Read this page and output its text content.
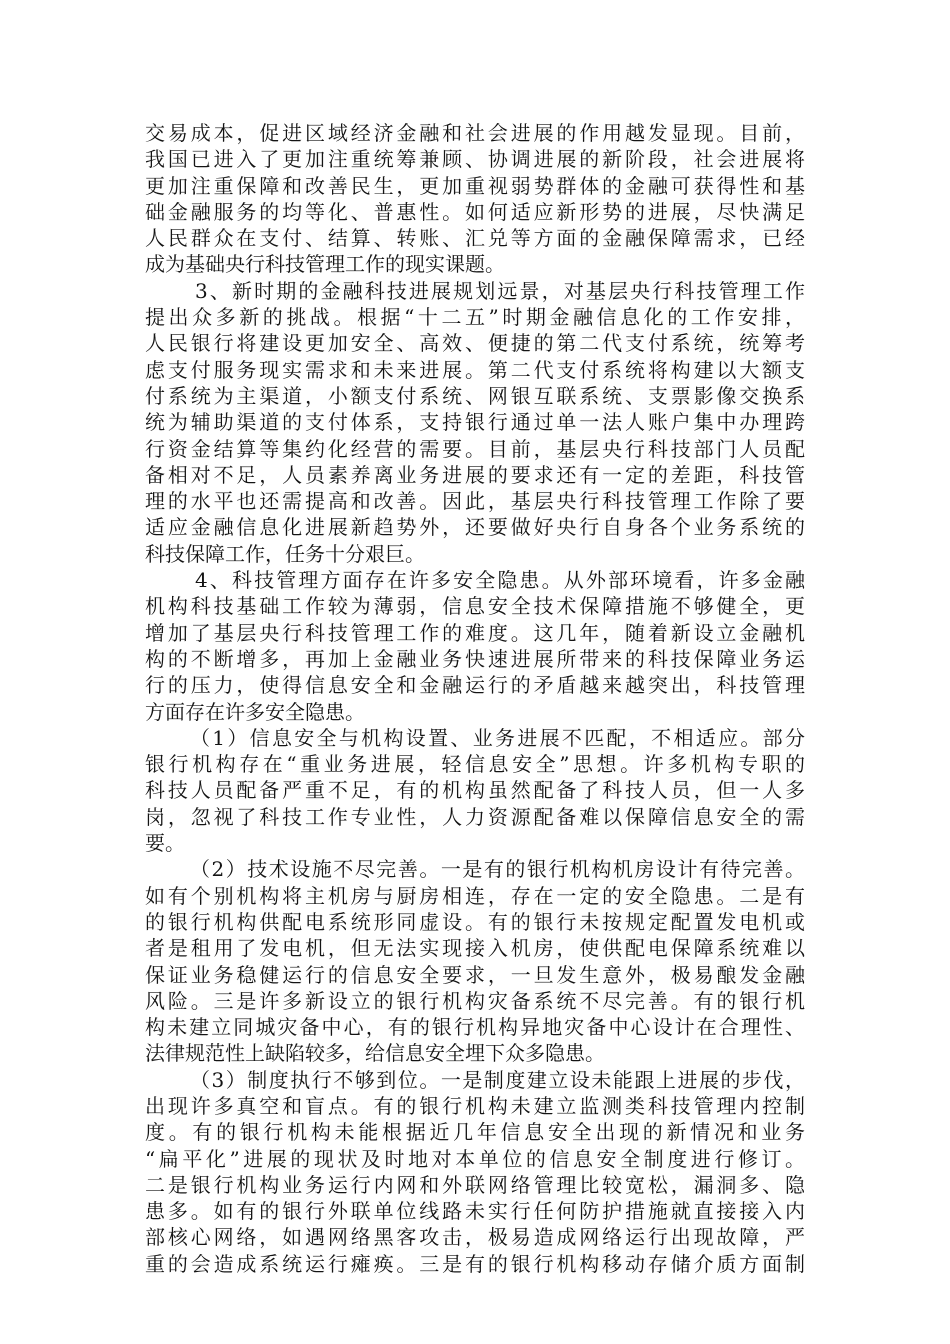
交易成本，促进区域经济金融和社会进展的作用越发显现。目前，
我国已进入了更加注重统筹兼顾、协调进展的新阶段，社会进展将
更加注重保障和改善民生，更加重视弱势群体的金融可获得性和基
础金融服务的均等化、普惠性。如何适应新形势的进展，尽快满足
人民群众在支付、结算、转账、汇兑等方面的金融保障需求，已经
成为基础央行科技管理工作的现实课题。
3、新时期的金融科技进展规划远景，对基层央行科技管理工作
提出众多新的挑战。根据“十二五”时期金融信息化的工作安排，
人民银行将建设更加安全、高效、便捷的第二代支付系统，统筹考
虑支付服务现实需求和未来进展。第二代支付系统将构建以大额支
付系统为主渠道，小额支付系统、网银互联系统、支票影像交换系
统为辅助渠道的支付体系，支持银行通过单一法人账户集中办理跨
行资金结算等集约化经营的需要。目前，基层央行科技部门人员配
备相对不足，人员素养离业务进展的要求还有一定的差距，科技管
理的水平也还需提高和改善。因此，基层央行科技管理工作除了要
适应金融信息化进展新趋势外，还要做好央行自身各个业务系统的
科技保障工作，任务十分艰巨。
4、科技管理方面存在许多安全隐患。从外部环境看，许多金融
机构科技基础工作较为薄弱，信息安全技术保障措施不够健全，更
增加了基层央行科技管理工作的难度。这几年，随着新设立金融机
构的不断增多，再加上金融业务快速进展所带来的科技保障业务运
行的压力，使得信息安全和金融运行的矛盾越来越突出，科技管理
方面存在许多安全隐患。
（1）信息安全与机构设置、业务进展不匹配，不相适应。部分
银行机构存在“重业务进展，轻信息安全”思想。许多机构专职的
科技人员配备严重不足，有的机构虽然配备了科技人员，但一人多
岗，忽视了科技工作专业性，人力资源配备难以保障信息安全的需
要。
（2）技术设施不尽完善。一是有的银行机构机房设计有待完善。
如有个别机构将主机房与厨房相连，存在一定的安全隐患。二是有
的银行机构供配电系统形同虚设。有的银行未按规定配置发电机或
者是租用了发电机，但无法实现接入机房，使供配电保障系统难以
保证业务稳健运行的信息安全要求，一旦发生意外，极易酿发金融
风险。三是许多新设立的银行机构灾备系统不尽完善。有的银行机
构未建立同城灾备中心，有的银行机构异地灾备中心设计在合理性、
法律规范性上缺陷较多，给信息安全埋下众多隐患。
（3）制度执行不够到位。一是制度建立设未能跟上进展的步伐，
出现许多真空和盲点。有的银行机构未建立监测类科技管理内控制
度。有的银行机构未能根据近几年信息安全出现的新情况和业务
“扁平化”进展的现状及时地对本单位的信息安全制度进行修订。
二是银行机构业务运行内网和外联网络管理比较宽松，漏洞多、隐
患多。如有的银行外联单位线路未实行任何防护措施就直接接入内
部核心网络，如遇网络黑客攻击，极易造成网络运行出现故障，严
重的会造成系统运行瘫痪。三是有的银行机构移动存储介质方面制
